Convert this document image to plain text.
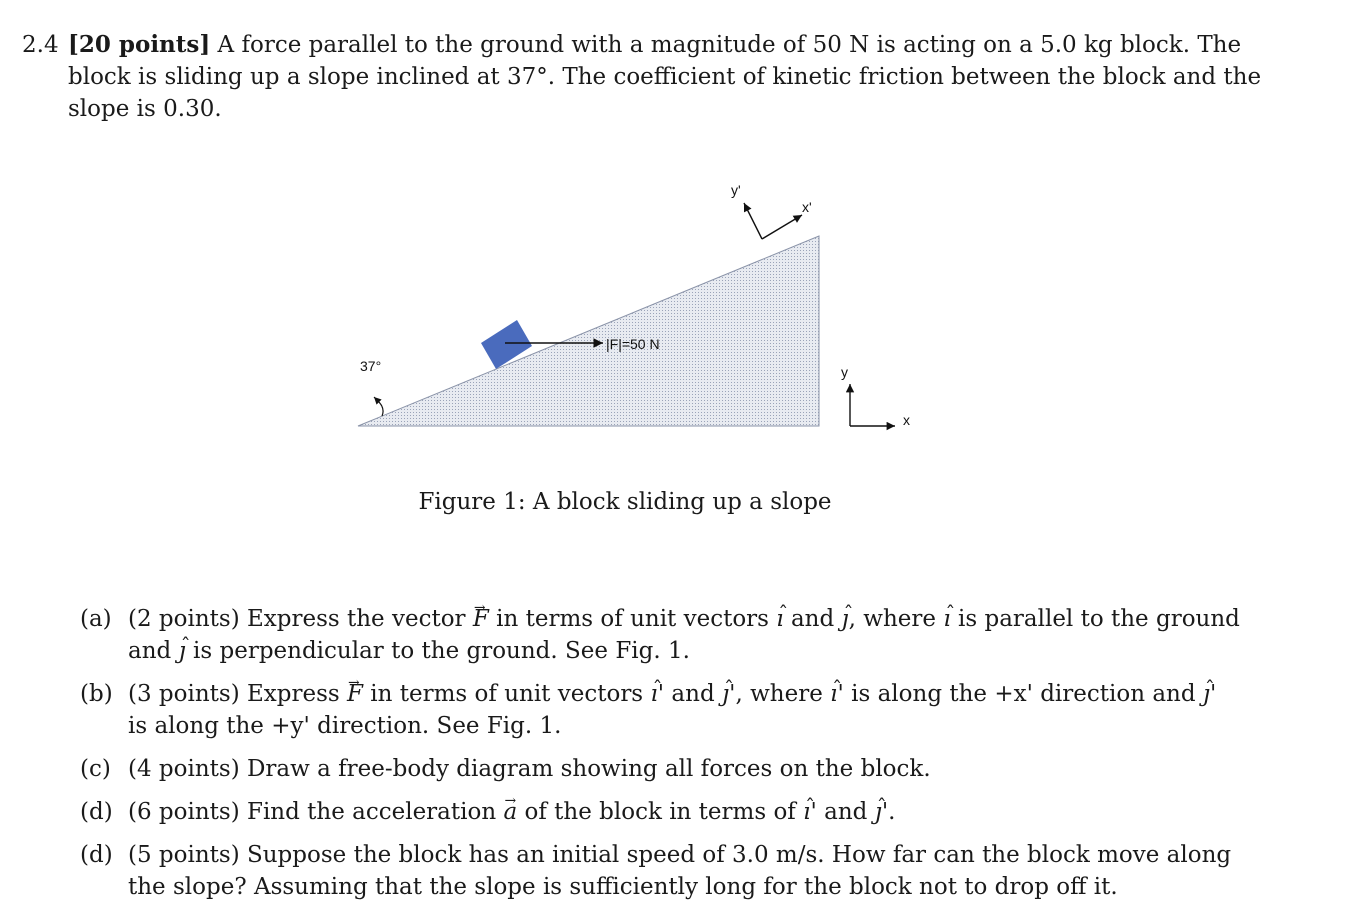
2.4 [20 points] A force parallel to the ground with a magnitude of 50 N is acting on a 5.0 kg block. The
block is sliding up a slope inclined at 37°. The coefficient of kinetic friction between the block and the
slope is 0.30.
|F|=50 N
37°
y'
x'
y
x
Figure 1: A block sliding up a slope
(a) (2 points) Express the vector → F in terms of unit vectors ˆ ı and ˆ ȷ, where ˆ ı is parallel to the ground
and ˆ ȷ is perpendicular to the ground. See Fig. 1.
(b) (3 points) Express → F in terms of unit vectors ˆ ı' and ˆ ȷ', where ˆ ı' is along the +x' direction and ˆ ȷ'
is along the +y' direction. See Fig. 1.
(c) (4 points) Draw a free-body diagram showing all forces on the block.
(d) (6 points) Find the acceleration → a of the block in terms of ˆ ı' and ˆ ȷ'.
(d) (5 points) Suppose the block has an initial speed of 3.0 m/s. How far can the block move along
the slope? Assuming that the slope is sufficiently long for the block not to drop off it.
